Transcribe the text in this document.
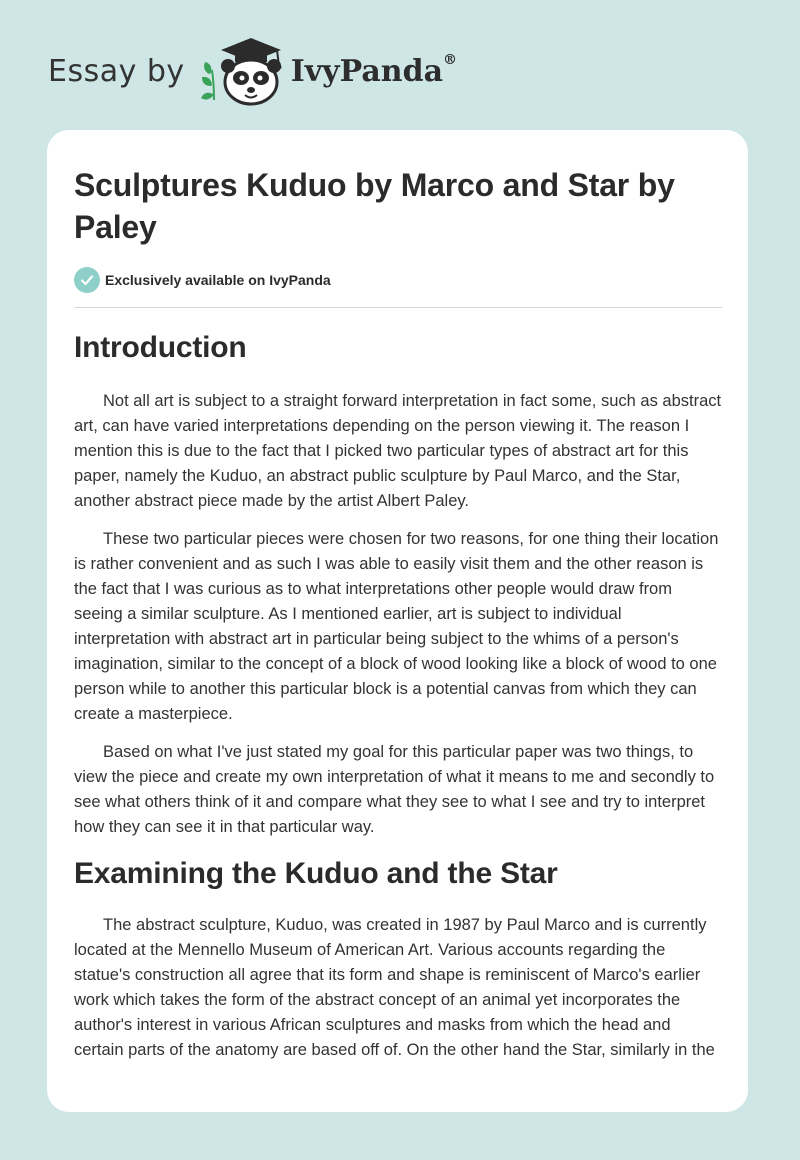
Essay by	IvyPanda®
Sculptures Kuduo by Marco and Star by Paley
Exclusively available on IvyPanda
Introduction

Not all art is subject to a straight forward interpretation in fact some, such as abstract art, can have varied interpretations depending on the person viewing it. The reason I mention this is due to the fact that I picked two particular types of abstract art for this paper, namely the Kuduo, an abstract public sculpture by Paul Marco, and the Star, another abstract piece made by the artist Albert Paley.

These two particular pieces were chosen for two reasons, for one thing their location is rather convenient and as such I was able to easily visit them and the other reason is the fact that I was curious as to what interpretations other people would draw from seeing a similar sculpture. As I mentioned earlier, art is subject to individual interpretation with abstract art in particular being subject to the whims of a person's imagination, similar to the concept of a block of wood looking like a block of wood to one person while to another this particular block is a potential canvas from which they can create a masterpiece.

Based on what I've just stated my goal for this particular paper was two things, to view the piece and create my own interpretation of what it means to me and secondly to see what others think of it and compare what they see to what I see and try to interpret how they can see it in that particular way.

Examining the Kuduo and the Star

The abstract sculpture, Kuduo, was created in 1987 by Paul Marco and is currently located at the Mennello Museum of American Art. Various accounts regarding the statue's construction all agree that its form and shape is reminiscent of Marco's earlier work which takes the form of the abstract concept of an animal yet incorporates the author's interest in various African sculptures and masks from which the head and certain parts of the anatomy are based off of. On the other hand the Star, similarly in the
